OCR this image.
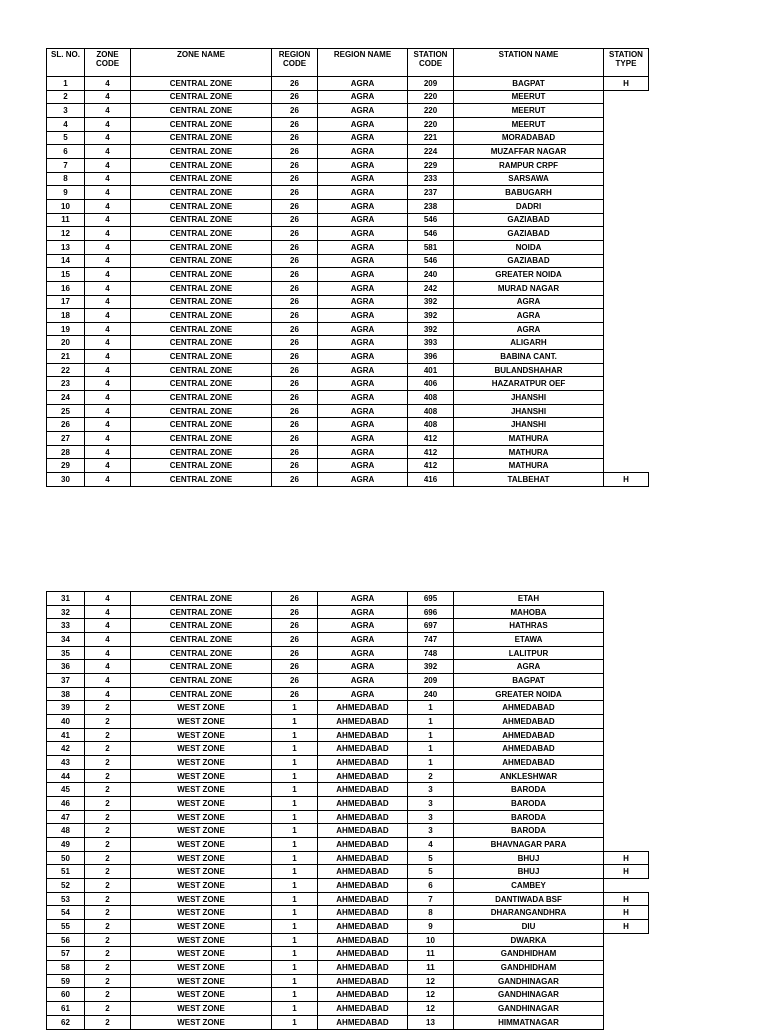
SL. NO.	ZONE CODE	ZONE NAME	REGION CODE	REGION NAME	STATION CODE	STATION NAME	STATION TYPE
1	4	CENTRAL ZONE	26	AGRA	209	BAGPAT	H
2	4	CENTRAL ZONE	26	AGRA	220	MEERUT	
3	4	CENTRAL ZONE	26	AGRA	220	MEERUT	
4	4	CENTRAL ZONE	26	AGRA	220	MEERUT	
5	4	CENTRAL ZONE	26	AGRA	221	MORADABAD	
6	4	CENTRAL ZONE	26	AGRA	224	MUZAFFAR NAGAR	
7	4	CENTRAL ZONE	26	AGRA	229	RAMPUR CRPF	
8	4	CENTRAL ZONE	26	AGRA	233	SARSAWA	
9	4	CENTRAL ZONE	26	AGRA	237	BABUGARH	
10	4	CENTRAL ZONE	26	AGRA	238	DADRI	
11	4	CENTRAL ZONE	26	AGRA	546	GAZIABAD	
12	4	CENTRAL ZONE	26	AGRA	546	GAZIABAD	
13	4	CENTRAL ZONE	26	AGRA	581	NOIDA	
14	4	CENTRAL ZONE	26	AGRA	546	GAZIABAD	
15	4	CENTRAL ZONE	26	AGRA	240	GREATER NOIDA	
16	4	CENTRAL ZONE	26	AGRA	242	MURAD NAGAR	
17	4	CENTRAL ZONE	26	AGRA	392	AGRA	
18	4	CENTRAL ZONE	26	AGRA	392	AGRA	
19	4	CENTRAL ZONE	26	AGRA	392	AGRA	
20	4	CENTRAL ZONE	26	AGRA	393	ALIGARH	
21	4	CENTRAL ZONE	26	AGRA	396	BABINA CANT.	
22	4	CENTRAL ZONE	26	AGRA	401	BULANDSHAHAR	
23	4	CENTRAL ZONE	26	AGRA	406	HAZARATPUR OEF	
24	4	CENTRAL ZONE	26	AGRA	408	JHANSHI	
25	4	CENTRAL ZONE	26	AGRA	408	JHANSHI	
26	4	CENTRAL ZONE	26	AGRA	408	JHANSHI	
27	4	CENTRAL ZONE	26	AGRA	412	MATHURA	
28	4	CENTRAL ZONE	26	AGRA	412	MATHURA	
29	4	CENTRAL ZONE	26	AGRA	412	MATHURA	
30	4	CENTRAL ZONE	26	AGRA	416	TALBEHAT	H
31	4	CENTRAL ZONE	26	AGRA	695	ETAH	
32	4	CENTRAL ZONE	26	AGRA	696	MAHOBA	
33	4	CENTRAL ZONE	26	AGRA	697	HATHRAS	
34	4	CENTRAL ZONE	26	AGRA	747	ETAWA	
35	4	CENTRAL ZONE	26	AGRA	748	LALITPUR	
36	4	CENTRAL ZONE	26	AGRA	392	AGRA	
37	4	CENTRAL ZONE	26	AGRA	209	BAGPAT	
38	4	CENTRAL ZONE	26	AGRA	240	GREATER NOIDA	
39	2	WEST ZONE	1	AHMEDABAD	1	AHMEDABAD	
40	2	WEST ZONE	1	AHMEDABAD	1	AHMEDABAD	
41	2	WEST ZONE	1	AHMEDABAD	1	AHMEDABAD	
42	2	WEST ZONE	1	AHMEDABAD	1	AHMEDABAD	
43	2	WEST ZONE	1	AHMEDABAD	1	AHMEDABAD	
44	2	WEST ZONE	1	AHMEDABAD	2	ANKLESHWAR	
45	2	WEST ZONE	1	AHMEDABAD	3	BARODA	
46	2	WEST ZONE	1	AHMEDABAD	3	BARODA	
47	2	WEST ZONE	1	AHMEDABAD	3	BARODA	
48	2	WEST ZONE	1	AHMEDABAD	3	BARODA	
49	2	WEST ZONE	1	AHMEDABAD	4	BHAVNAGAR PARA	
50	2	WEST ZONE	1	AHMEDABAD	5	BHUJ	H
51	2	WEST ZONE	1	AHMEDABAD	5	BHUJ	H
52	2	WEST ZONE	1	AHMEDABAD	6	CAMBEY	
53	2	WEST ZONE	1	AHMEDABAD	7	DANTIWADA BSF	H
54	2	WEST ZONE	1	AHMEDABAD	8	DHARANGANDHRA	H
55	2	WEST ZONE	1	AHMEDABAD	9	DIU	H
56	2	WEST ZONE	1	AHMEDABAD	10	DWARKA	
57	2	WEST ZONE	1	AHMEDABAD	11	GANDHIDHAM	
58	2	WEST ZONE	1	AHMEDABAD	11	GANDHIDHAM	
59	2	WEST ZONE	1	AHMEDABAD	12	GANDHINAGAR	
60	2	WEST ZONE	1	AHMEDABAD	12	GANDHINAGAR	
61	2	WEST ZONE	1	AHMEDABAD	12	GANDHINAGAR	
62	2	WEST ZONE	1	AHMEDABAD	13	HIMMATNAGAR	
